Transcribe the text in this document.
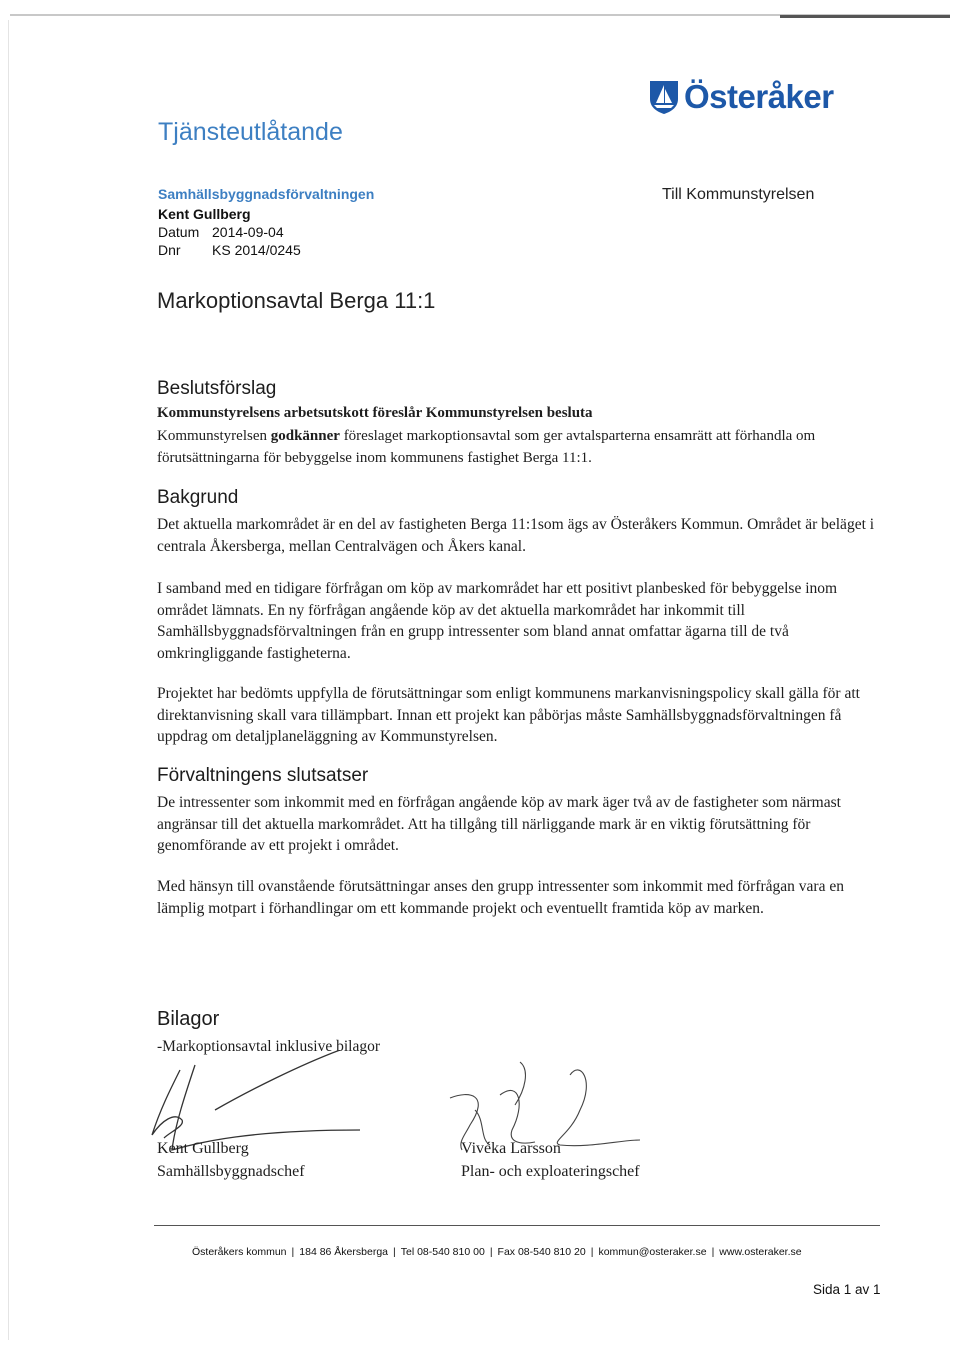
Österåker
Tjänsteutlåtande
Samhällsbyggnadsförvaltningen
Kent Gullberg
Datum 2014-09-04
Dnr KS 2014/0245
Till Kommunstyrelsen
Markoptionsavtal Berga 11:1
Beslutsförslag
Kommunstyrelsens arbetsutskott föreslår Kommunstyrelsen besluta
Kommunstyrelsen godkänner föreslaget markoptionsavtal som ger avtalsparterna ensamrätt att förhandla om förutsättningarna för bebyggelse inom kommunens fastighet Berga 11:1.
Bakgrund
Det aktuella markområdet är en del av fastigheten Berga 11:1som ägs av Österåkers Kommun. Området är beläget i centrala Åkersberga, mellan Centralvägen och Åkers kanal.
I samband med en tidigare förfrågan om köp av markområdet har ett positivt planbesked för bebyggelse inom området lämnats. En ny förfrågan angående köp av det aktuella markområdet har inkommit till Samhällsbyggnadsförvaltningen från en grupp intressenter som bland annat omfattar ägarna till de två omkringliggande fastigheterna.
Projektet har bedömts uppfylla de förutsättningar som enligt kommunens markanvisningspolicy skall gälla för att direktanvisning skall vara tillämpbart. Innan ett projekt kan påbörjas måste Samhällsbyggnadsförvaltningen få uppdrag om detaljplaneläggning av Kommunstyrelsen.
Förvaltningens slutsatser
De intressenter som inkommit med en förfrågan angående köp av mark äger två av de fastigheter som närmast angränsar till det aktuella markområdet. Att ha tillgång till närliggande mark är en viktig förutsättning för genomförande av ett projekt i området.
Med hänsyn till ovanstående förutsättningar anses den grupp intressenter som inkommit med förfrågan vara en lämplig motpart i förhandlingar om ett kommande projekt och eventuellt framtida köp av marken.
Bilagor
-Markoptionsavtal inklusive bilagor
Kent Gullberg
Samhällsbyggnadschef
Vivéka Larsson
Plan- och exploateringschef
Österåkers kommun | 184 86 Åkersberga | Tel 08-540 810 00 | Fax 08-540 810 20 | kommun@osteraker.se | www.osteraker.se
Sida 1 av 1
